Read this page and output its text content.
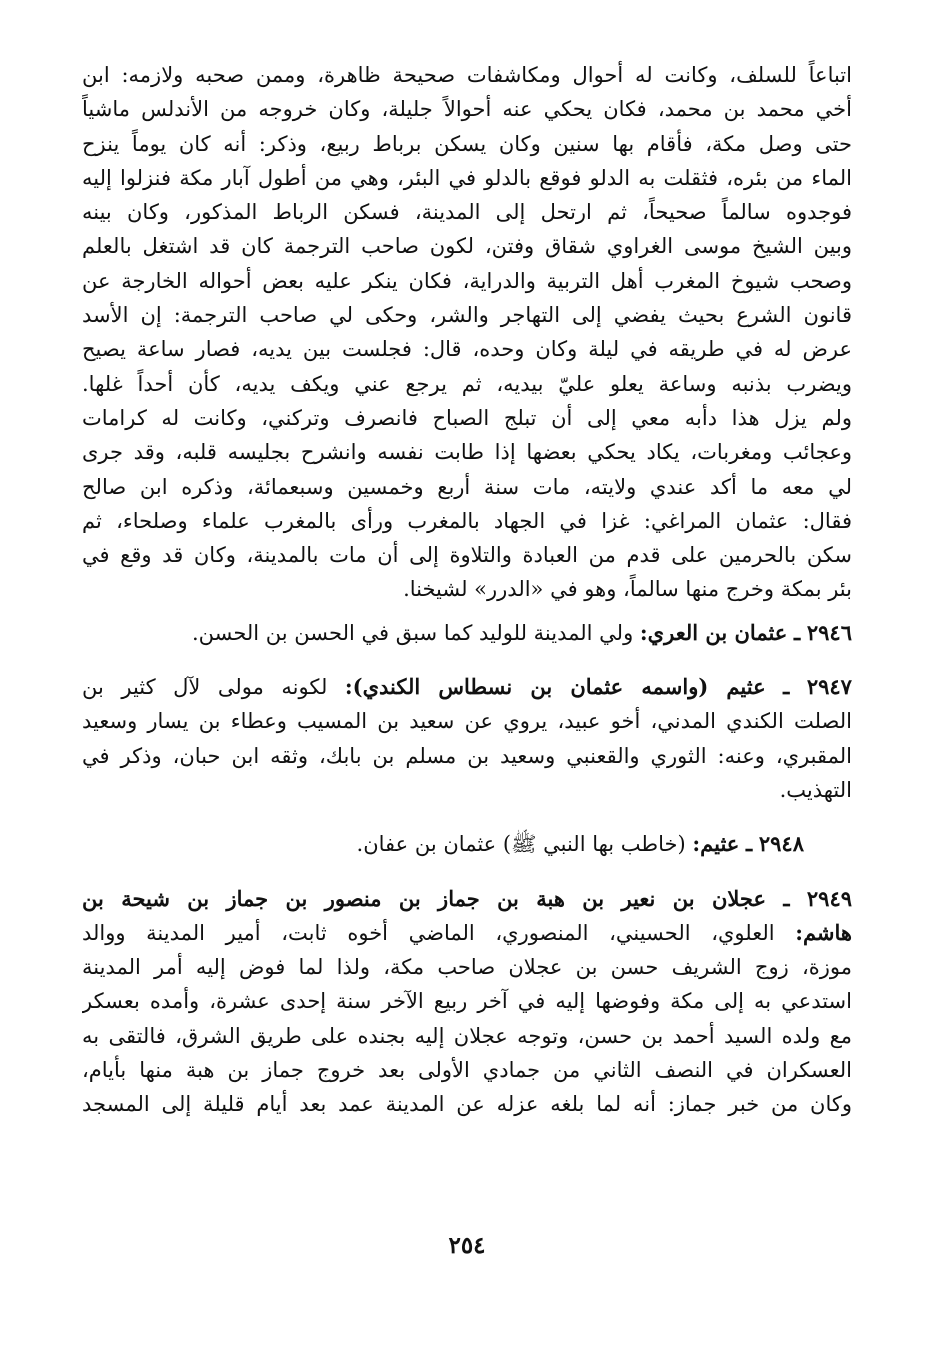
اتباعاً للسلف، وكانت له أحوال ومكاشفات صحيحة ظاهرة، وممن صحبه ولازمه: ابن
أخي محمد بن محمد، فكان يحكي عنه أحوالاً جليلة، وكان خروجه من الأندلس ماشياً
حتى وصل مكة، فأقام بها سنين وكان يسكن برباط ربيع، وذكر: أنه كان يوماً ينزح
الماء من بئره، فثقلت به الدلو فوقع بالدلو في البئر، وهي من أطول آبار مكة فنزلوا إليه
فوجدوه سالماً صحيحاً، ثم ارتحل إلى المدينة، فسكن الرباط المذكور، وكان بينه
وبين الشيخ موسى الغراوي شقاق وفتن، لكون صاحب الترجمة كان قد اشتغل بالعلم
وصحب شيوخ المغرب أهل التربية والدراية، فكان ينكر عليه بعض أحواله الخارجة عن
قانون الشرع بحيث يفضي إلى التهاجر والشر، وحكى لي صاحب الترجمة: إن الأسد
عرض له في طريقه في ليلة وكان وحده، قال: فجلست بين يديه، فصار ساعة يصيح
ويضرب بذنبه وساعة يعلو عليّ بيديه، ثم يرجع عني ويكف يديه، كأن أحداً غلها.
ولم يزل هذا دأبه معي إلى أن تبلج الصباح فانصرف وتركني، وكانت له كرامات
وعجائب ومغربات، يكاد يحكي بعضها إذا طابت نفسه وانشرح بجليسه قلبه، وقد جرى
لي معه ما أكد عندي ولايته، مات سنة أربع وخمسين وسبعمائة، وذكره ابن صالح
فقال: عثمان المراغي: غزا في الجهاد بالمغرب ورأى بالمغرب علماء وصلحاء، ثم
سكن بالحرمين على قدم من العبادة والتلاوة إلى أن مات بالمدينة، وكان قد وقع في
بئر بمكة وخرج منها سالماً، وهو في «الدرر» لشيخنا.
٢٩٤٦ ـ عثمان بن العري: ولي المدينة للوليد كما سبق في الحسن بن الحسن.
٢٩٤٧ ـ عثيم (واسمه عثمان بن نسطاس الكندي): لكونه مولى لآل كثير بن
الصلت الكندي المدني، أخو عبيد، يروي عن سعيد بن المسيب وعطاء بن يسار وسعيد
المقبري، وعنه: الثوري والقعنبي وسعيد بن مسلم بن بابك، وثقه ابن حبان، وذكر في
التهذيب.
٢٩٤٨ ـ عثيم: (خاطب بها النبي ﷺ) عثمان بن عفان.
٢٩٤٩ ـ عجلان بن نعير بن هبة بن جماز بن منصور بن جماز بن شيحة بن
هاشم: العلوي، الحسيني، المنصوري، الماضي أخوه ثابت، أمير المدينة ووالد
موزة، زوج الشريف حسن بن عجلان صاحب مكة، ولذا لما فوض إليه أمر المدينة
استدعي به إلى مكة وفوضها إليه في آخر ربيع الآخر سنة إحدى عشرة، وأمده بعسكر
مع ولده السيد أحمد بن حسن، وتوجه عجلان إليه بجنده على طريق الشرق، فالتقى به
العسكران في النصف الثاني من جمادي الأولى بعد خروج جماز بن هبة منها بأيام،
وكان من خبر جماز: أنه لما بلغه عزله عن المدينة عمد بعد أيام قليلة إلى المسجد
٢٥٤
